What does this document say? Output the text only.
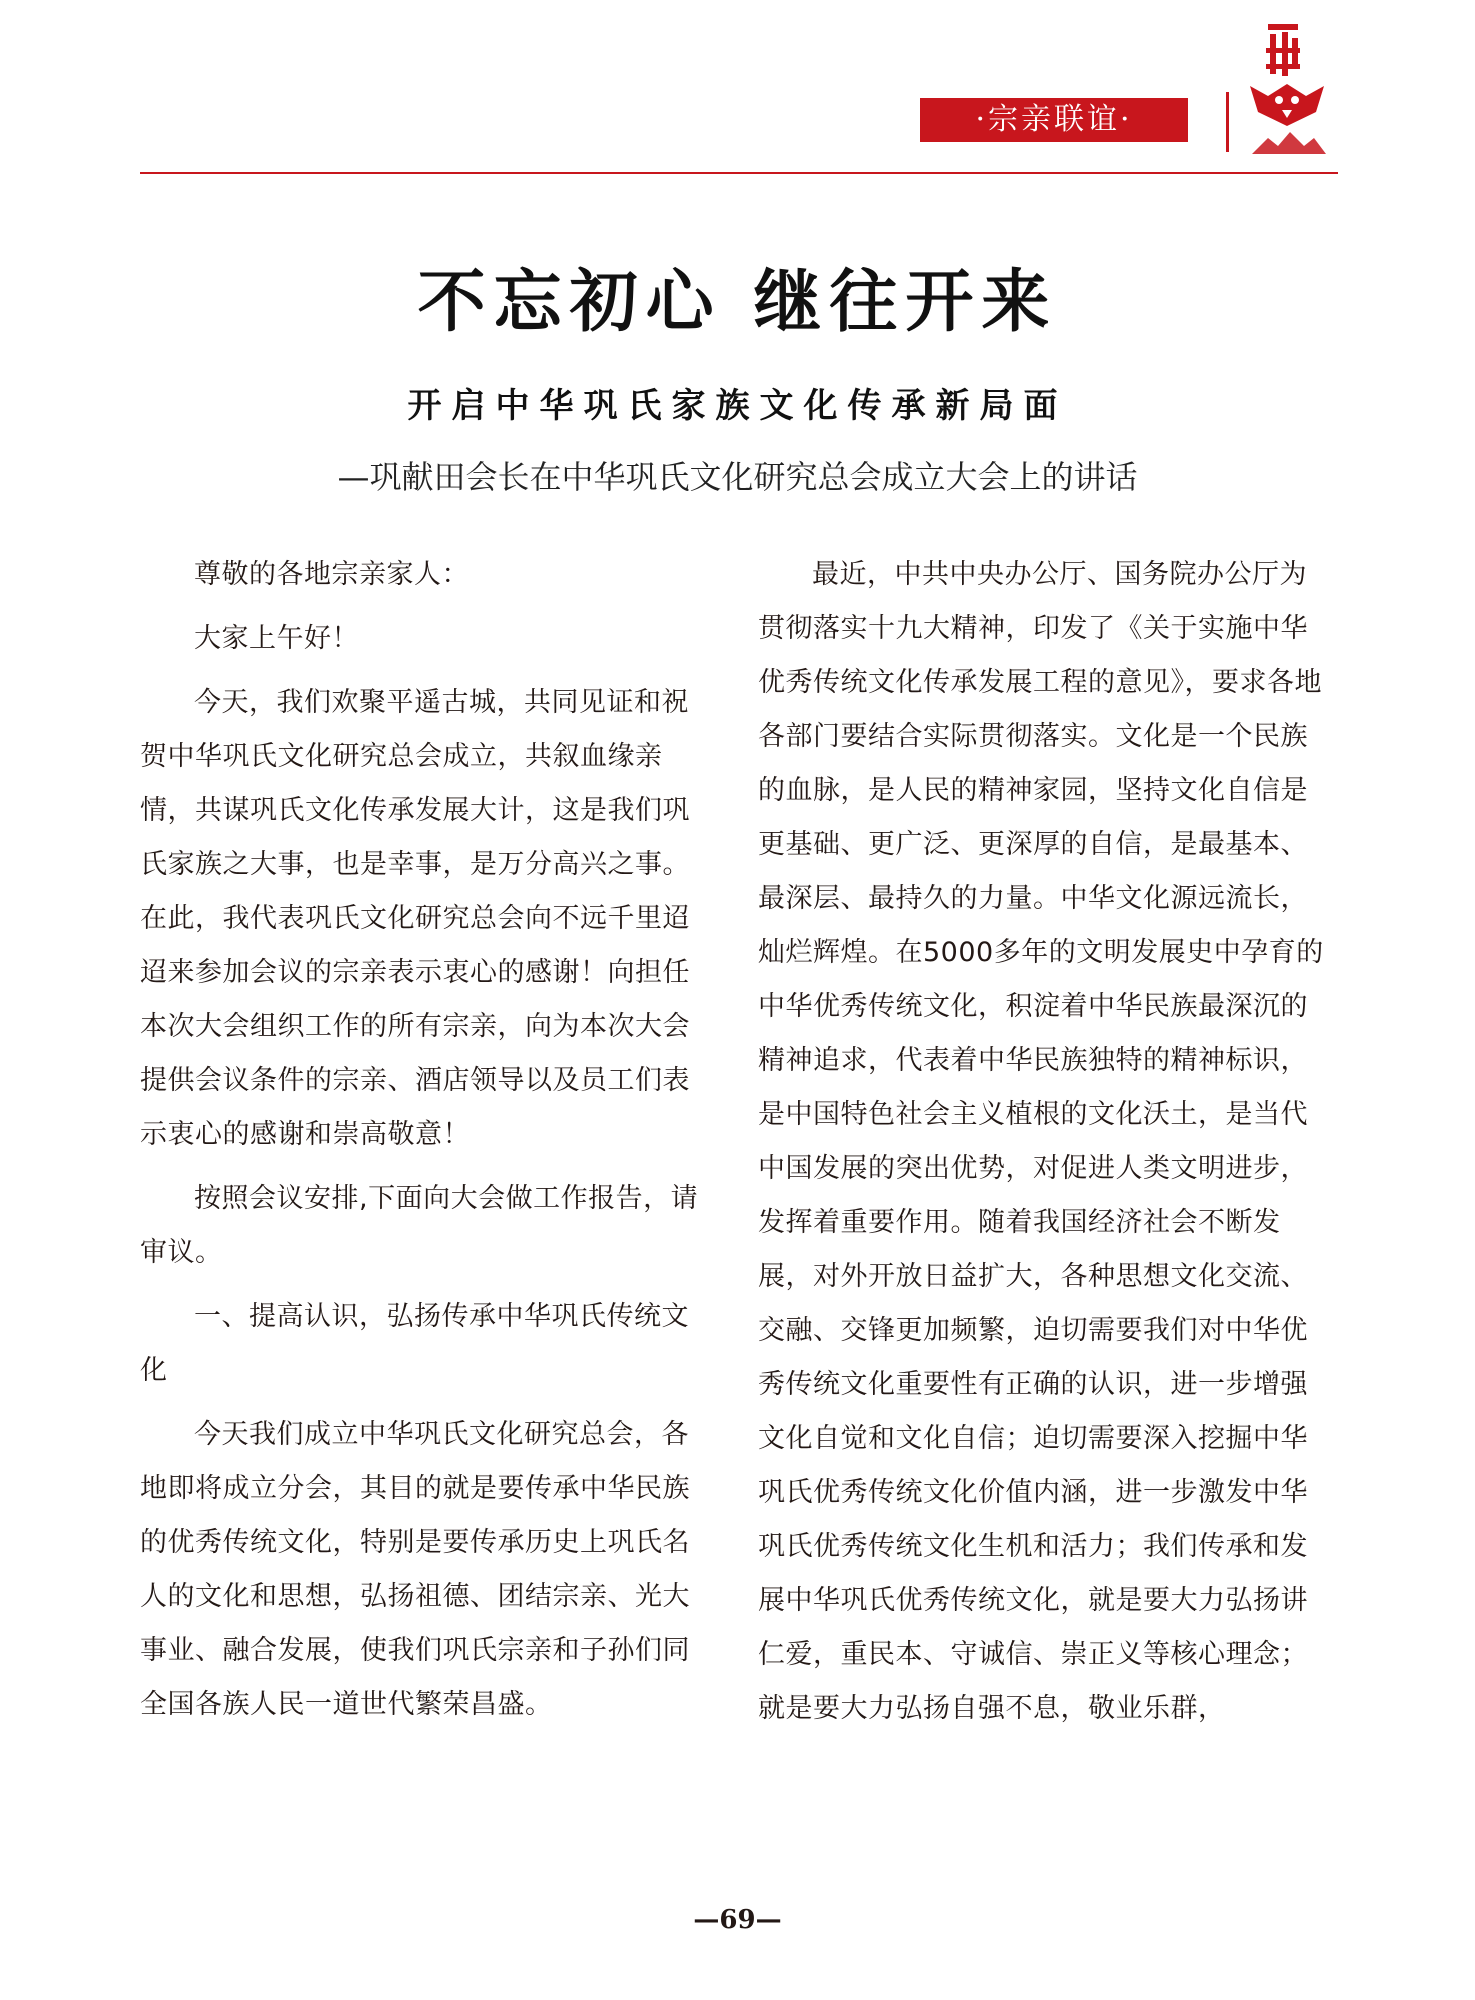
·宗亲联谊·
不忘初心 继往开来
开启中华巩氏家族文化传承新局面

—巩献田会长在中华巩氏文化研究总会成立大会上的讲话

尊敬的各地宗亲家人：

大家上午好！

今天，我们欢聚平遥古城，共同见证和祝贺中华巩氏文化研究总会成立，共叙血缘亲情，共谋巩氏文化传承发展大计，这是我们巩氏家族之大事，也是幸事，是万分高兴之事。在此，我代表巩氏文化研究总会向不远千里迢迢来参加会议的宗亲表示衷心的感谢！向担任本次大会组织工作的所有宗亲，向为本次大会提供会议条件的宗亲、酒店领导以及员工们表示衷心的感谢和崇高敬意！

按照会议安排,下面向大会做工作报告，请审议。

一、提高认识，弘扬传承中华巩氏传统文化

今天我们成立中华巩氏文化研究总会，各地即将成立分会，其目的就是要传承中华民族的优秀传统文化，特别是要传承历史上巩氏名人的文化和思想，弘扬祖德、团结宗亲、光大事业、融合发展，使我们巩氏宗亲和子孙们同全国各族人民一道世代繁荣昌盛。

最近，中共中央办公厅、国务院办公厅为贯彻落实十九大精神，印发了《关于实施中华优秀传统文化传承发展工程的意见》，要求各地各部门要结合实际贯彻落实。文化是一个民族的血脉，是人民的精神家园，坚持文化自信是更基础、更广泛、更深厚的自信，是最基本、最深层、最持久的力量。中华文化源远流长，灿烂辉煌。在5000多年的文明发展史中孕育的中华优秀传统文化，积淀着中华民族最深沉的精神追求，代表着中华民族独特的精神标识，是中国特色社会主义植根的文化沃土，是当代中国发展的突出优势，对促进人类文明进步，发挥着重要作用。随着我国经济社会不断发展，对外开放日益扩大，各种思想文化交流、交融、交锋更加频繁，迫切需要我们对中华优秀传统文化重要性有正确的认识，进一步增强文化自觉和文化自信；迫切需要深入挖掘中华巩氏优秀传统文化价值内涵，进一步激发中华巩氏优秀传统文化生机和活力；我们传承和发展中华巩氏优秀传统文化，就是要大力弘扬讲仁爱，重民本、守诚信、崇正义等核心理念；就是要大力弘扬自强不息，敬业乐群，

—69—
